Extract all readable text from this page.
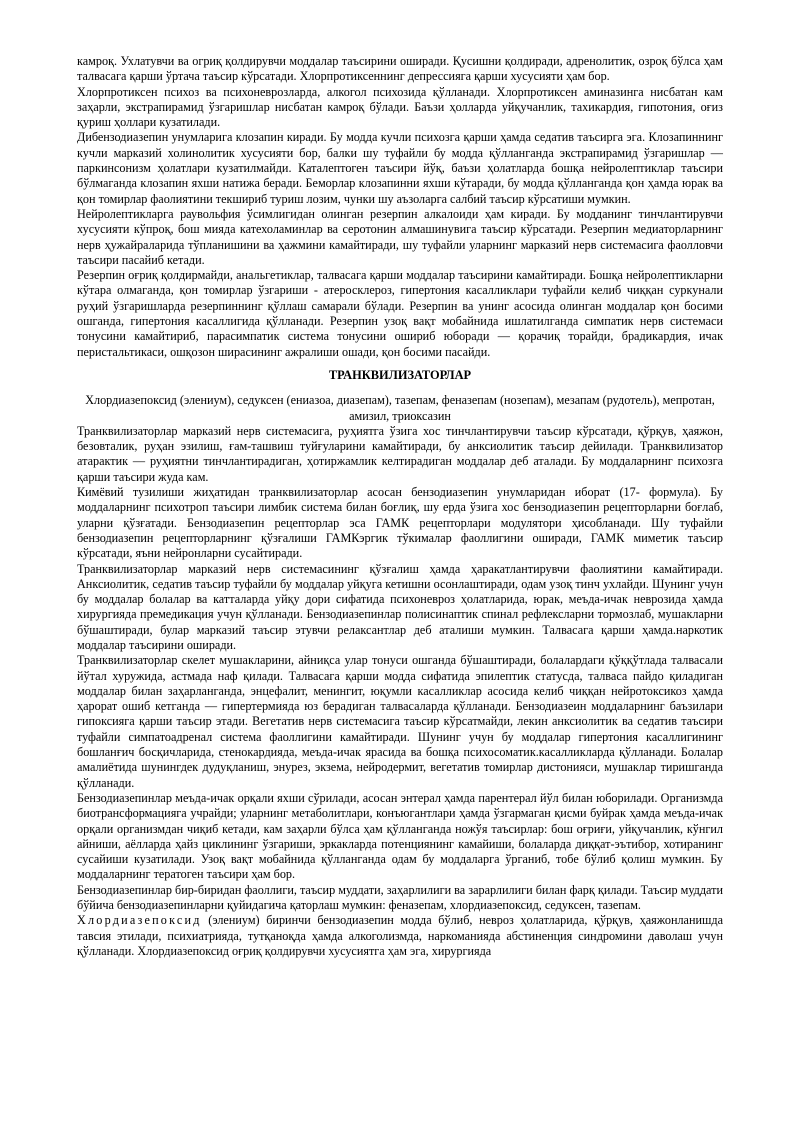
камроқ. Ухлатувчи ва огриқ қолдирувчи моддалар таъсирини оширади. Қусишни қолдиради, адренолитик, озроқ бўлса ҳам талвасага қарши ўртача таъсир кўрсатади. Хлорпротиксеннинг депрессияга қарши хусусияти ҳам бор.

Хлорпротиксен психоз ва психоневрозларда, алкогол психозида қўлланади. Хлорпротиксен аминазинга нисбатан кам заҳарли, экстрапирамид ўзгаришлар нисбатан камроқ бўлади. Баъзи ҳолларда уйқучанлик, тахикардия, гипотония, оғиз қуриш ҳоллари кузатилади.

Дибензодиазепин унумларига клозапин киради. Бу модда кучли психозга қарши ҳамда седатив таъсирга эга. Клозапиннинг кучли марказий холинолитик хусусияти бор, балки шу туфайли бу модда қўлланганда экстрапирамид ўзгаришлар — паркинсонизм ҳолатлари кузатилмайди. Каталептоген таъсири йўқ, баъзи ҳолатларда бошқа нейролептиклар таъсири бўлмаганда клозапин яхши натижа беради. Беморлар клозапинни яхши кўтаради, бу модда қўлланганда қон ҳамда юрак ва қон томирлар фаолиятини текшириб туриш лозим, чунки шу аъзоларга салбий таъсир кўрсатиши мумкин.

Нейролептикларга раувольфия ўсимлигидан олинган резерпин алкалоиди ҳам киради. Бу модданинг тинчлантирувчи хусусияти кўпроқ, бош мияда катехоламинлар ва серотонин алмашинувига таъсир кўрсатади. Резерпин медиаторларнинг нерв ҳужайраларида тўпланишини ва ҳажмини камайтиради, шу туфайли уларнинг марказий нерв системасига фаолловчи таъсири пасайиб кетади.

Резерпин оғриқ қолдирмайди, анальгетиклар, талвасага қарши моддалар таъсирини камайтиради. Бошқа нейролептикларни кўтара олмагандa, қон томирлар ўзгариши - атеросклероз, гипертония касалликлари туфайли келиб чиққан суркунали руҳий ўзгаришларда резерпиннинг қўллаш самарали бўлади. Резерпин ва унинг асосида олинган моддалар қон босими ошганда, гипертония касаллигида қўлланади. Резерпин узоқ вақт мобайнида ишлатилганда симпатик нерв системаси тонусини камайтириб, парасимпатик система тонусини ошириб юборади — қорачиқ торайди, брадикардия, ичак перистальтикаси, ошқозон ширасининг ажралиши ошади, қон босими пасайди.

ТРАНКВИЛИЗАТОРЛАР

Хлордиазепоксид (элениум), седуксен (ениазоа, диазепам), тазепам, феназепам (нозепам), мезапам (рудотель), мепротан, амизил, триоксазин

Транквилизаторлар марказий нерв системасига, руҳиятга ўзига хос тинчлантирувчи таъсир кўрсатади, қўрқув, ҳаяжон, безовталик, руҳан эзилиш, ғам-ташвиш туйғуларини камайтиради, бу анксиолитик таъсир дейилади. Транквилизатор атарактик — руҳиятни тинчлантирадиган, ҳотиржамлик келтирадиган моддалар деб аталади. Бу моддаларнинг психозга қарши таъсири жуда кам.

Кимёвий тузилиши жиҳатидан транквилизаторлар асосан бензодиазепин унумларидан иборат (17- формула). Бу моддаларнинг психотроп таъсири лимбик система билан боғлиқ, шу ерда ўзига хос бензодиазепин рецепторларни боғлаб, уларни қўзғатади. Бензодиазепин рецепторлар эса ГАМК рецепторлари модулятори ҳисобланади. Шу туфайли бензодиазепин рецепторларнинг қўзғалиши ГАМКэргик тўкималар фаоллигини оширади, ГАМК миметик таъсир кўрсатади, яъни нейронларни сусайтиради.

Транквилизаторлар марказий нерв системасининг қўзғалиш ҳамда ҳаракатлантирувчи фаолиятини камайтиради. Анксиолитик, седатив таъсир туфайли бу моддалар уйқуга кетишни осонлаштиради, одам узоқ тинч ухлайди. Шунинг учун бу моддалар болалар ва катталарда уйқу дори сифатида психоневроз ҳолатларида, юрак, меъда-ичак неврозида ҳамда хирургияда премедикация учун қўлланади. Бензодиазепинлар полисинаптик спинал рефлексларни тормозлаб, мушакларни бўшаштиради, булар марказий таъсир этувчи релаксантлар деб аталиши мумкин. Талвасага қарши ҳамда.наркотик моддалар таъсирини оширади.

Транквилизаторлар скелет мушакларини, айниқса улар тонуси ошганда бўшаштиради, болалардаги қўққўтлада талвасали йўтал хуружида, астмада наф қилади. Талвасага қарши модда сифатида эпилептик статусда, талваса пайдо қиладиган моддалар билан заҳарланганда, энцефалит, менингит, юқумли касалликлар асосида келиб чиққан нейротоксикоз ҳамда ҳарорат ошиб кетганда — гипертермияда юз берадиган талвасаларда қўлланади. Бензодиазеин моддаларнинг баъзилари гипоксияга қарши таъсир этади. Вегетатив нерв системасига таъсир кўрсатмайди, лекин анксиолитик ва седатив таъсири туфайли симпатоадренал система фаоллигини камайтиради. Шунинг учун бу моддалар гипертония касаллигининг бошланғич босқичларида, стенокардияда, меъда-ичак ярасида ва бошқа психосоматик.касалликларда қўлланади. Болалар амалиётида шунингдек дудуқланиш, энурез, экзема, нейродермит, вегетатив томирлар дистонияси, мушаклар тиришганда қўлланади.

Бензодиазепинлар меъда-ичак орқали яхши сўрилади, асосан энтерал ҳамда парентерал йўл билан юборилади. Организмда биотрансформацияга учрайди; уларнинг метаболитлари, конъюгантлари ҳамда ўзгармаган қисми буйрак ҳамда меъда-ичак орқали организмдан чиқиб кетади, кам заҳарли бўлса ҳам қўлланганда ножўя таъсирлар: бош оғриғи, уйқучанлик, кўнгил айниши, аёлларда ҳайз циклининг ўзгариши, эркакларда потенциянинг камайиши, болаларда диққат-эътибор, хотиранинг сусайиши кузатилади. Узоқ вақт мобайнида қўлланганда одам бу моддаларга ўрганиб, тобе бўлиб қолиш мумкин. Бу моддаларнинг тератоген таъсири ҳам бор.

Бензодиазепинлар бир-биридан фаоллиги, таъсир муддати, заҳарлилиги ва зарарлилиги билан фарқ қилади. Таъсир муддати бўйича бензодиазепинларни қуйидагича қаторлаш мумкин: феназепам, хлордиазепоксид, седуксен, тазепам.

Хлордиазепоксид (элениум) биринчи бензодиазепин модда бўлиб, невроз ҳолатларида, қўрқув, ҳаяжонланишда тавсия этилади, психиатрияда, тутқаноқда ҳамда алкоголизмда, наркоманияда абстиненция синдромини даволаш учун қўлланади. Хлордиазепоксид оғриқ қолдирувчи хусусиятга ҳам эга, хирургияда
